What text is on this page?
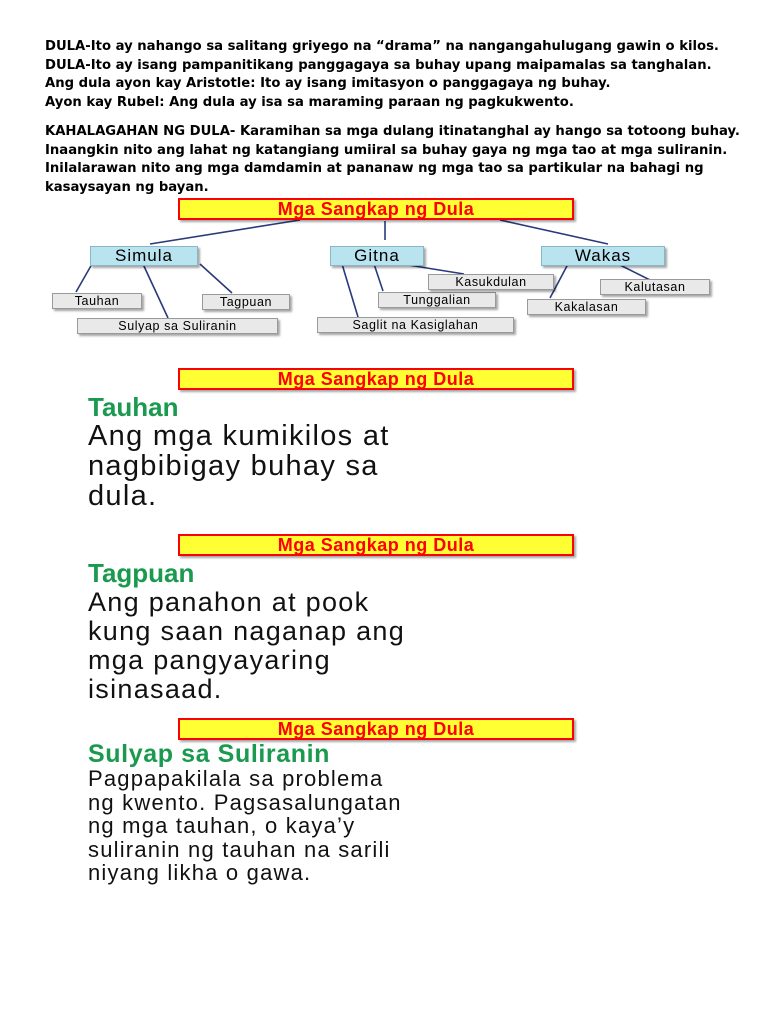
DULA-Ito ay nahango sa salitang griyego na “drama” na nangangahulugang gawin o kilos.
DULA-Ito ay isang pampanitikang panggagaya sa buhay upang maipamalas sa tanghalan.
Ang dula ayon kay Aristotle: Ito ay isang imitasyon o panggagaya ng buhay.
Ayon kay Rubel: Ang dula ay isa sa maraming paraan ng pagkukwento.
KAHALAGAHAN NG DULA- Karamihan sa mga dulang itinatanghal ay hango sa totoong buhay.
Inaangkin nito ang lahat ng katangiang umiiral sa buhay gaya ng mga tao at mga suliranin.
Inilalarawan nito ang mga damdamin at pananaw ng mga tao sa partikular na bahagi ng
kasaysayan ng bayan.
Mga Sangkap ng Dula
Simula	Gitna	Wakas
Tauhan	Tagpuan
Sulyap sa Suliranin	Saglit na Kasiglahan
Tunggalian
Kasukdulan
Kakalasan
Kalutasan
Mga Sangkap ng Dula
Tauhan
Ang mga kumikilos at
nagbibigay buhay sa
dula.
Mga Sangkap ng Dula
Tagpuan
Ang panahon at pook
kung saan naganap ang
mga pangyayaring
isinasaad.
Mga Sangkap ng Dula
Sulyap sa Suliranin
Pagpapakilala sa problema
ng kwento. Pagsasalungatan
ng mga tauhan, o kaya’y
suliranin ng tauhan na sarili
niyang likha o gawa.
